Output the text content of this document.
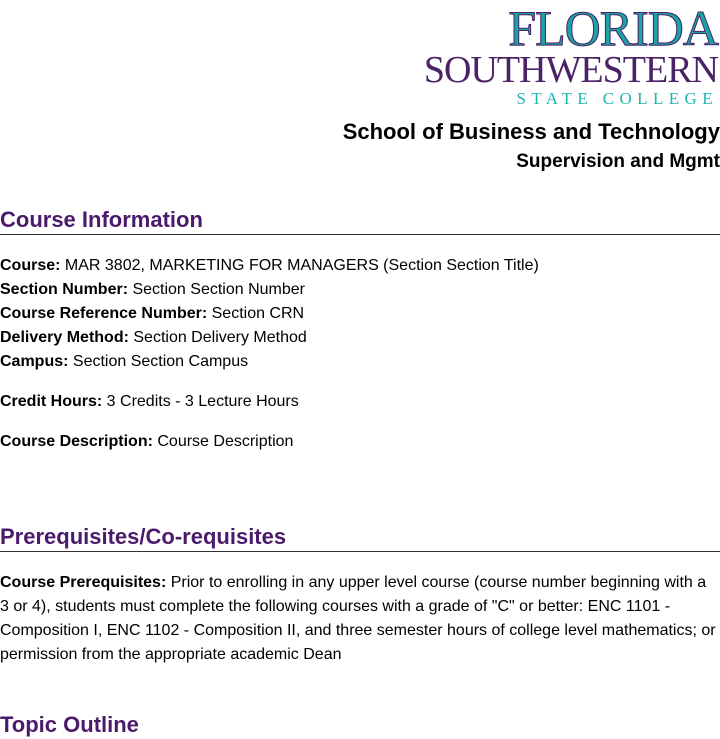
FLORIDA
SOUTHWESTERN
STATE COLLEGE
School of Business and Technology
Supervision and Mgmt
Course Information
Course: MAR 3802, MARKETING FOR MANAGERS (Section Section Title)
Section Number: Section Section Number
Course Reference Number: Section CRN
Delivery Method: Section Delivery Method
Campus: Section Section Campus
Credit Hours: 3 Credits - 3 Lecture Hours
Course Description: Course Description
Prerequisites/Co-requisites
Course Prerequisites: Prior to enrolling in any upper level course (course number beginning with a 3 or 4), students must complete the following courses with a grade of "C" or better: ENC 1101 - Composition I, ENC 1102 - Composition II, and three semester hours of college level mathematics; or permission from the appropriate academic Dean
Topic Outline
